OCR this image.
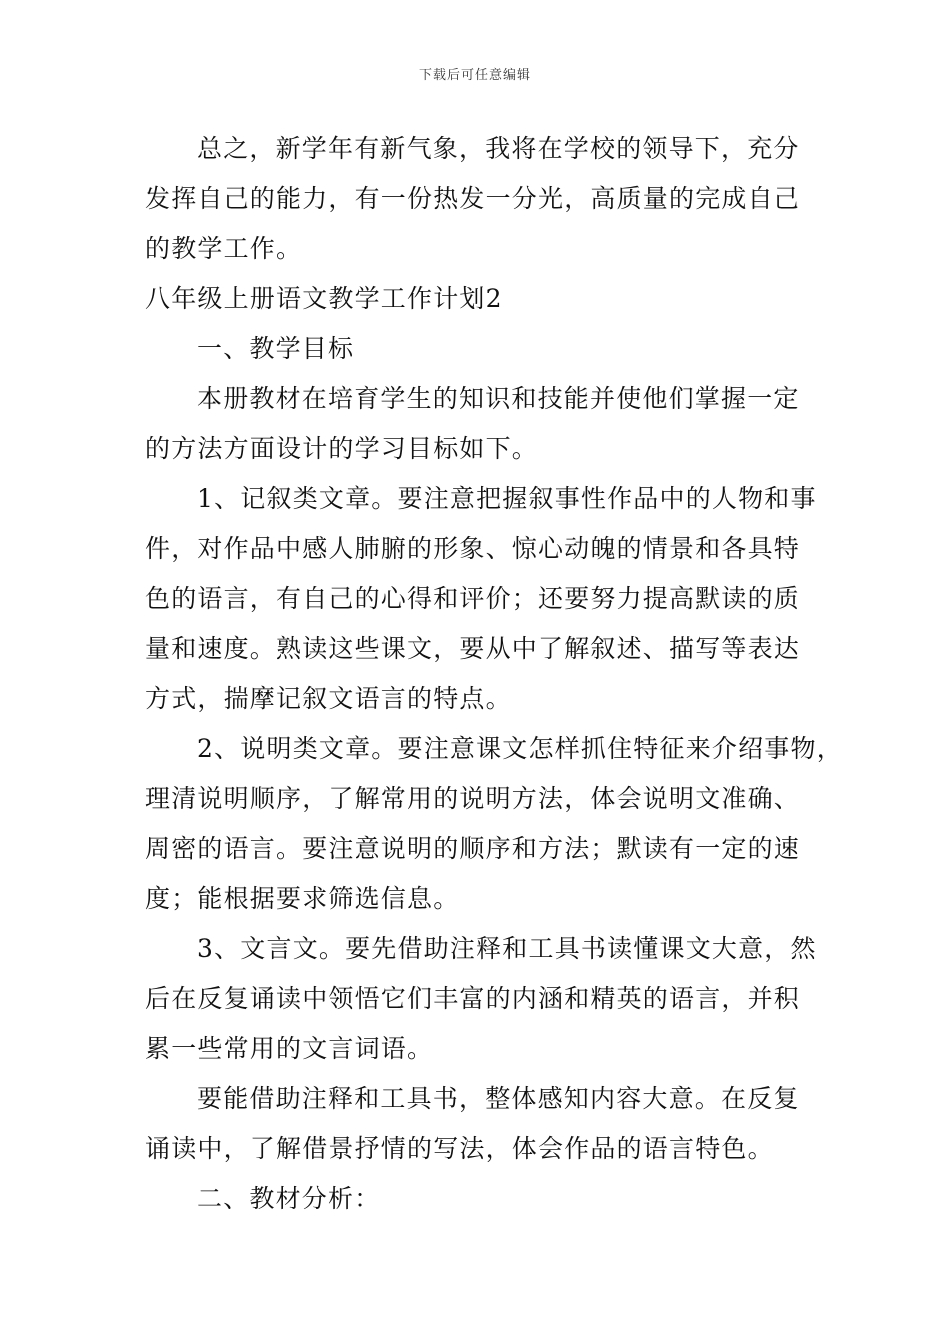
下载后可任意编辑
总之，新学年有新气象，我将在学校的领导下，充分
发挥自己的能力，有一份热发一分光，高质量的完成自己
的教学工作。
八年级上册语文教学工作计划2
一、教学目标
本册教材在培育学生的知识和技能并使他们掌握一定
的方法方面设计的学习目标如下。
1、记叙类文章。要注意把握叙事性作品中的人物和事
件，对作品中感人肺腑的形象、惊心动魄的情景和各具特
色的语言，有自己的心得和评价；还要努力提高默读的质
量和速度。熟读这些课文，要从中了解叙述、描写等表达
方式，揣摩记叙文语言的特点。
2、说明类文章。要注意课文怎样抓住特征来介绍事物，
理清说明顺序，了解常用的说明方法，体会说明文准确、
周密的语言。要注意说明的顺序和方法；默读有一定的速
度；能根据要求筛选信息。
3、文言文。要先借助注释和工具书读懂课文大意，然
后在反复诵读中领悟它们丰富的内涵和精英的语言，并积
累一些常用的文言词语。
要能借助注释和工具书，整体感知内容大意。在反复
诵读中，了解借景抒情的写法，体会作品的语言特色。
二、教材分析：
